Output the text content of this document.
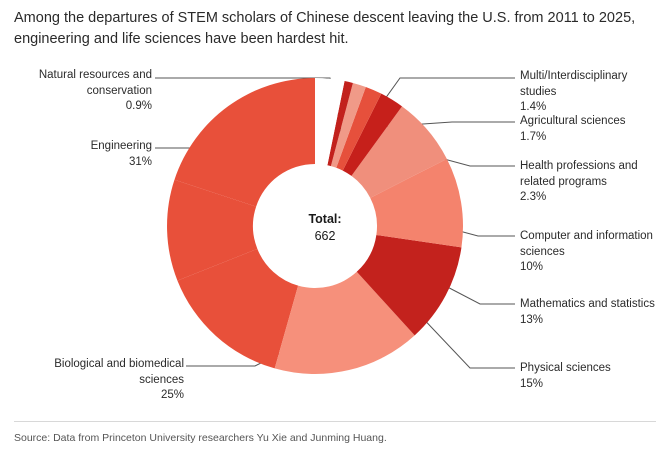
Among the departures of STEM scholars of Chinese descent leaving the U.S. from 2011 to 2025, engineering and life sciences have been hardest hit.
Total:
662
Natural resources and conservation
0.9%
Engineering
31%
Biological and biomedical sciences
25%
Multi/Interdisciplinary studies
1.4%
Agricultural sciences
1.7%
Health professions and related programs
2.3%
Computer and information sciences
10%
Mathematics and statistics
13%
Physical sciences
15%
Source: Data from Princeton University researchers Yu Xie and Junming Huang.
